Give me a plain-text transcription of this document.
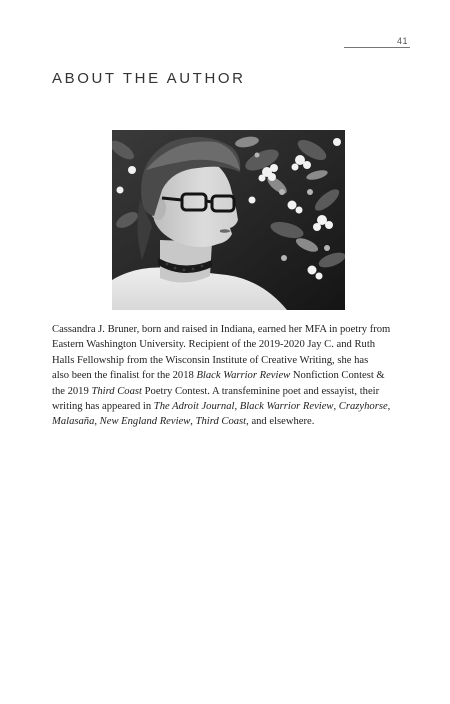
41
ABOUT THE AUTHOR

Cassandra J. Bruner, born and raised in Indiana, earned her MFA in poetry from
Eastern Washington University. Recipient of the 2019-2020 Jay C. and Ruth
Halls Fellowship from the Wisconsin Institute of Creative Writing, she has
also been the finalist for the 2018 Black Warrior Review Nonfiction Contest &
the 2019 Third Coast Poetry Contest. A transfeminine poet and essayist, their
writing has appeared in The Adroit Journal, Black Warrior Review, Crazyhorse,
Malasaña, New England Review, Third Coast, and elsewhere.
